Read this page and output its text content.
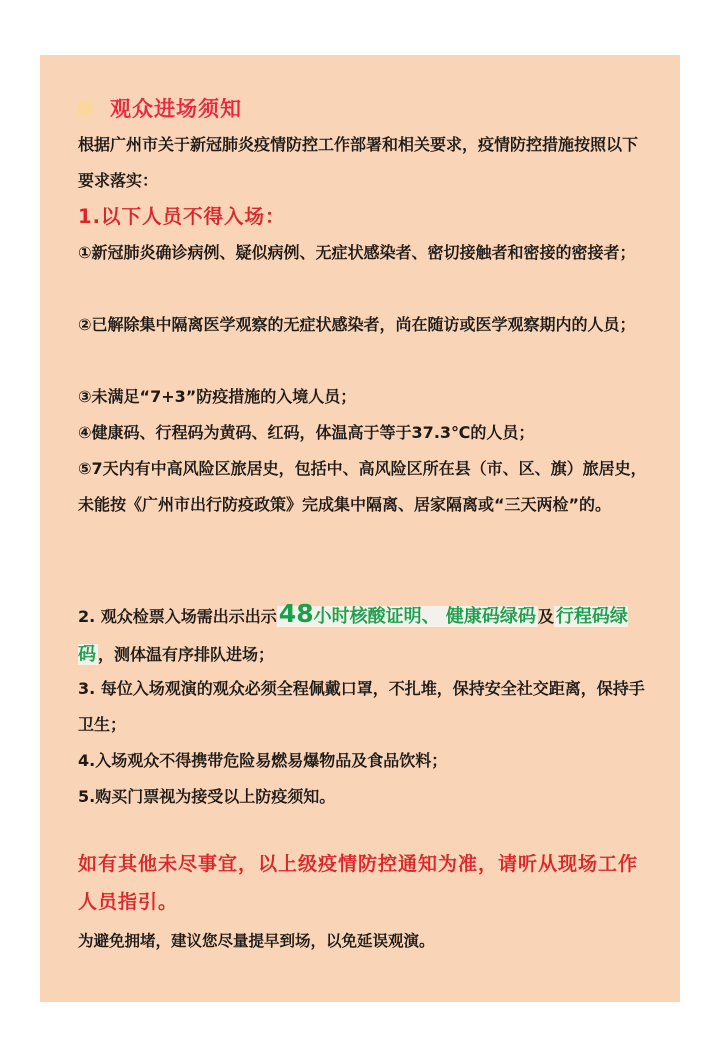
观众进场须知
根据广州市关于新冠肺炎疫情防控工作部署和相关要求，疫情防控措施按照以下要求落实：
1.以下人员不得入场：
①新冠肺炎确诊病例、疑似病例、无症状感染者、密切接触者和密接的密接者；
②已解除集中隔离医学观察的无症状感染者，尚在随访或医学观察期内的人员；
③未满足“7+3”防疫措施的入境人员；
④健康码、行程码为黄码、红码，体温高于等于37.3℃的人员；
⑤7天内有中高风险区旅居史，包括中、高风险区所在县（市、区、旗）旅居史，未能按《广州市出行防疫政策》完成集中隔离、居家隔离或“三天两检”的。
2. 观众检票入场需出示出示48小时核酸证明、 健康码绿码 及 行程码绿码 ，测体温有序排队进场；
3. 每位入场观演的观众必须全程佩戴口罩，不扎堆，保持安全社交距离，保持手卫生；
4.入场观众不得携带危险易燃易爆物品及食品饮料；
5.购买门票视为接受以上防疫须知。
如有其他未尽事宜，以上级疫情防控通知为准，请听从现场工作人员指引。
为避免拥堵，建议您尽量提早到场，以免延误观演。
